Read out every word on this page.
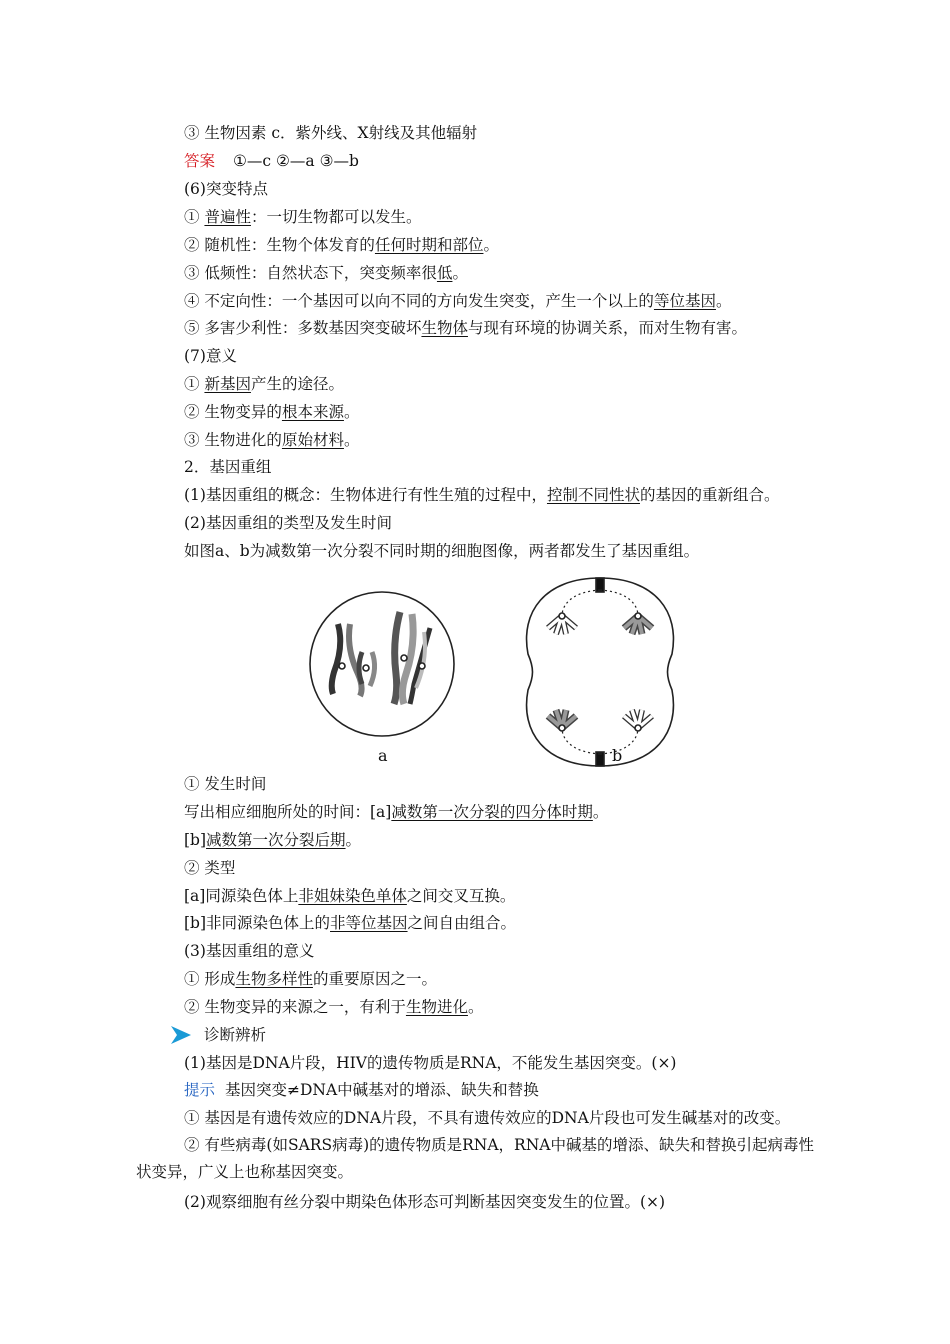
③ 生物因素 c．紫外线、X射线及其他辐射
答案 ①—c ②—a ③—b
(6)突变特点
① 普遍性：一切生物都可以发生。
② 随机性：生物个体发育的任何时期和部位。
③ 低频性：自然状态下，突变频率很低。
④ 不定向性：一个基因可以向不同的方向发生突变，产生一个以上的等位基因。
⑤ 多害少利性：多数基因突变破坏生物体与现有环境的协调关系，而对生物有害。
(7)意义
① 新基因产生的途径。
② 生物变异的根本来源。
③ 生物进化的原始材料。
2．基因重组
(1)基因重组的概念：生物体进行有性生殖的过程中，控制不同性状的基因的重新组合。
(2)基因重组的类型及发生时间
如图a、b为减数第一次分裂不同时期的细胞图像，两者都发生了基因重组。
a	b
① 发生时间
写出相应细胞所处的时间：[a]减数第一次分裂的四分体时期。
[b]减数第一次分裂后期。
② 类型
[a]同源染色体上非姐妹染色单体之间交叉互换。
[b]非同源染色体上的非等位基因之间自由组合。
(3)基因重组的意义
① 形成生物多样性的重要原因之一。
② 生物变异的来源之一，有利于生物进化。
诊断辨析
(1)基因是DNA片段，HIV的遗传物质是RNA，不能发生基因突变。(×)
提示 基因突变≠DNA中碱基对的增添、缺失和替换
① 基因是有遗传效应的DNA片段，不具有遗传效应的DNA片段也可发生碱基对的改变。
② 有些病毒(如SARS病毒)的遗传物质是RNA，RNA中碱基的增添、缺失和替换引起病毒性状变异，广义上也称基因突变。
(2)观察细胞有丝分裂中期染色体形态可判断基因突变发生的位置。(×)
